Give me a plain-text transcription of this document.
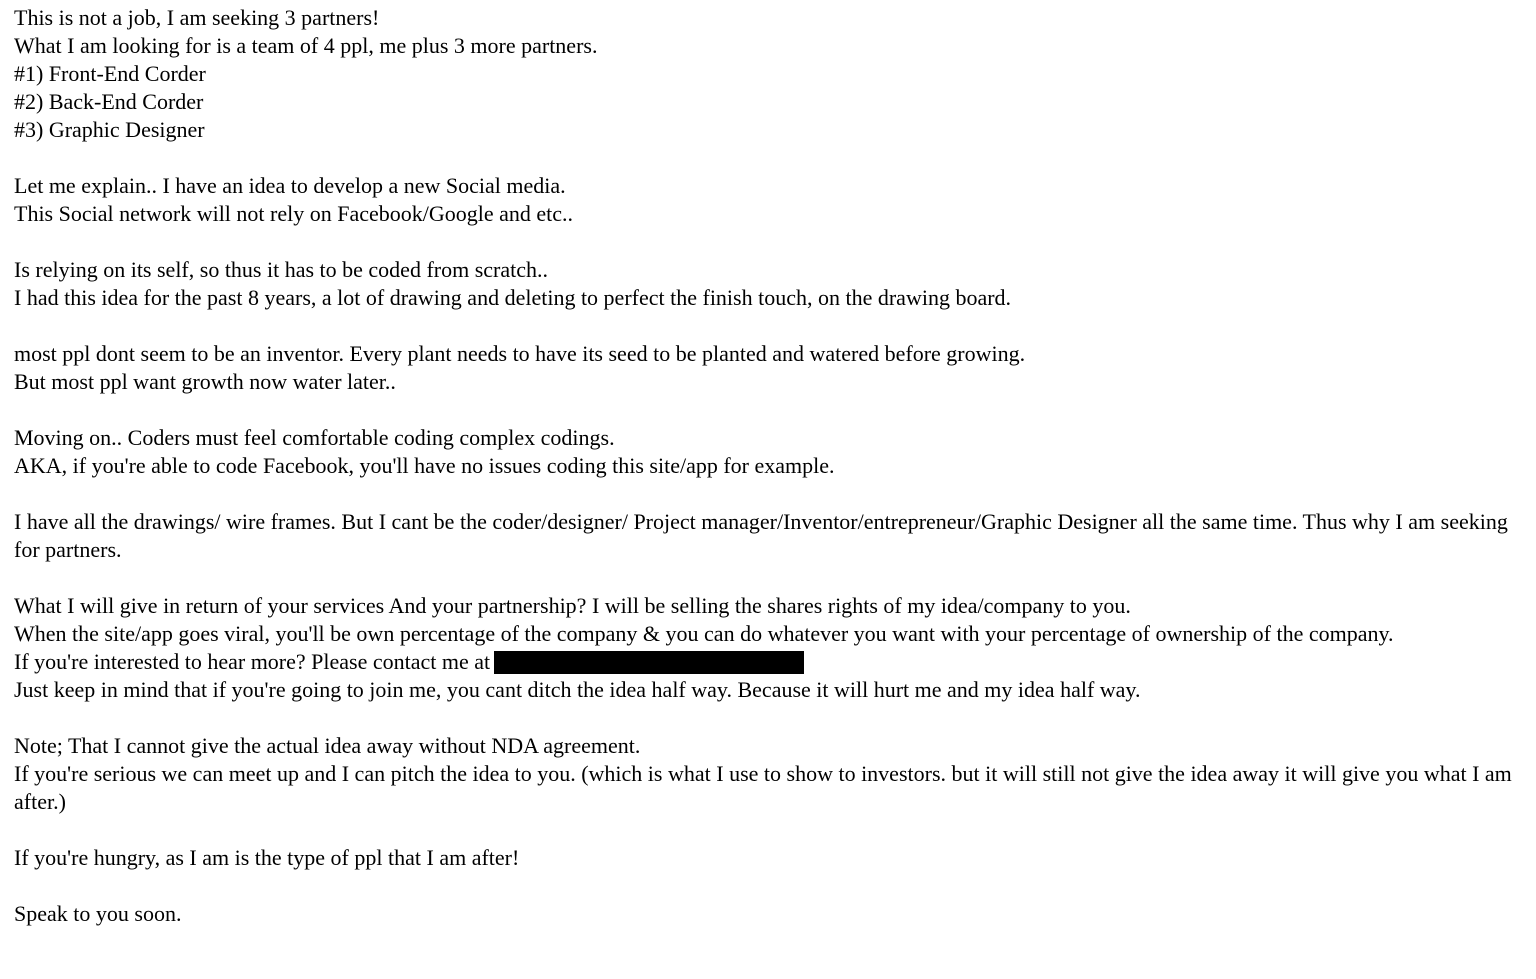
This is not a job, I am seeking 3 partners!
What I am looking for is a team of 4 ppl, me plus 3 more partners.
#1) Front-End Corder
#2) Back-End Corder
#3) Graphic Designer
Let me explain.. I have an idea to develop a new Social media.
This Social network will not rely on Facebook/Google and etc..
Is relying on its self, so thus it has to be coded from scratch..
I had this idea for the past 8 years, a lot of drawing and deleting to perfect the finish touch, on the drawing board.
most ppl dont seem to be an inventor. Every plant needs to have its seed to be planted and watered before growing.
But most ppl want growth now water later..
Moving on.. Coders must feel comfortable coding complex codings.
AKA, if you're able to code Facebook, you'll have no issues coding this site/app for example.
I have all the drawings/ wire frames. But I cant be the coder/designer/ Project manager/Inventor/entrepreneur/Graphic Designer all the same time. Thus why I am seeking for partners.
What I will give in return of your services And your partnership? I will be selling the shares rights of my idea/company to you.
When the site/app goes viral, you'll be own percentage of the company & you can do whatever you want with your percentage of ownership of the company.
If you're interested to hear more? Please contact me at
Just keep in mind that if you're going to join me, you cant ditch the idea half way. Because it will hurt me and my idea half way.
Note; That I cannot give the actual idea away without NDA agreement.
If you're serious we can meet up and I can pitch the idea to you. (which is what I use to show to investors. but it will still not give the idea away it will give you what I am after.)
If you're hungry, as I am is the type of ppl that I am after!
Speak to you soon.
